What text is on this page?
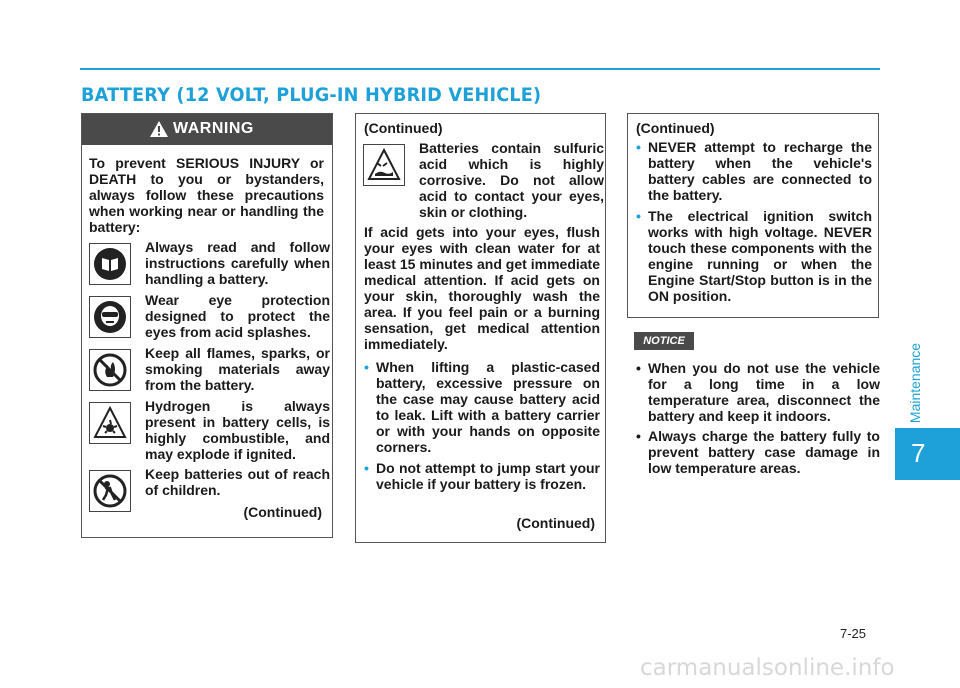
BATTERY (12 VOLT, PLUG-IN HYBRID VEHICLE)
Maintenance
7
WARNING
To prevent SERIOUS INJURY or DEATH to you or bystanders, always follow these precautions when working near or handling the battery:
Always read and follow instructions carefully when handling a battery.
Wear eye protection designed to protect the eyes from acid splashes.
Keep all flames, sparks, or smoking materials away from the battery.
Hydrogen is always present in battery cells, is highly combustible, and may explode if ignited.
Keep batteries out of reach of children.
(Continued)
(Continued)
Batteries contain sulfuric acid which is highly corrosive. Do not allow acid to contact your eyes, skin or clothing.
If acid gets into your eyes, flush your eyes with clean water for at least 15 minutes and get immediate medical attention. If acid gets on your skin, thoroughly wash the area. If you feel pain or a burning sensation, get medical attention immediately.
• When lifting a plastic-cased battery, excessive pressure on the case may cause battery acid to leak. Lift with a battery carrier or with your hands on opposite corners.
• Do not attempt to jump start your vehicle if your battery is frozen.
(Continued)
(Continued)
• NEVER attempt to recharge the battery when the vehicle's battery cables are connected to the battery.
• The electrical ignition switch works with high voltage. NEVER touch these components with the engine running or when the Engine Start/Stop button is in the ON position.
NOTICE
• When you do not use the vehicle for a long time in a low temperature area, disconnect the battery and keep it indoors.
• Always charge the battery fully to prevent battery case damage in low temperature areas.
7-25
carmanualsonline.info
